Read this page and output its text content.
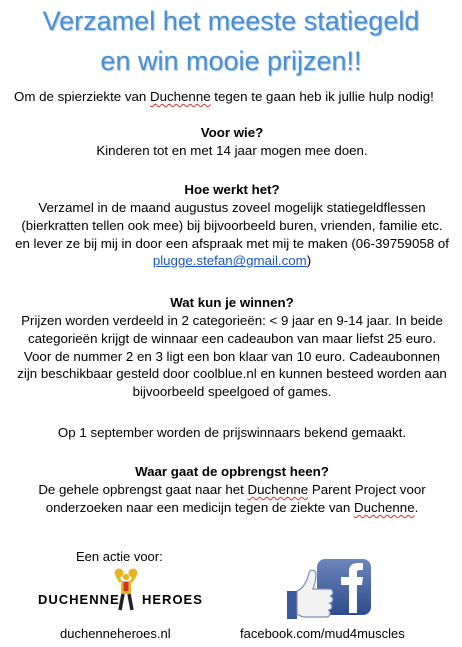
Verzamel het meeste statiegeld
en win mooie prijzen!!
Om de spierziekte van Duchenne tegen te gaan heb ik jullie hulp nodig!
Voor wie?
Kinderen tot en met 14 jaar mogen mee doen.
Hoe werkt het?
Verzamel in de maand augustus zoveel mogelijk statiegeldflessen (bierkratten tellen ook mee) bij bijvoorbeeld buren, vrienden, familie etc. en lever ze bij mij in door een afspraak met mij te maken (06-39759058 of plugge.stefan@gmail.com)
Wat kun je winnen?
Prijzen worden verdeeld in 2 categorieën: < 9 jaar en 9-14 jaar. In beide categorieën krijgt de winnaar een cadeaubon van maar liefst 25 euro. Voor de nummer 2 en 3 ligt een bon klaar van 10 euro. Cadeaubonnen zijn beschikbaar gesteld door coolblue.nl en kunnen besteed worden aan bijvoorbeeld speelgoed of games.
Op 1 september worden de prijswinnaars bekend gemaakt.
Waar gaat de opbrengst heen?
De gehele opbrengst gaat naar het Duchenne Parent Project voor onderzoeken naar een medicijn tegen de ziekte van Duchenne.
Een actie voor:
DUCHENNE HEROES
duchenneheroes.nl	facebook.com/mud4muscles
